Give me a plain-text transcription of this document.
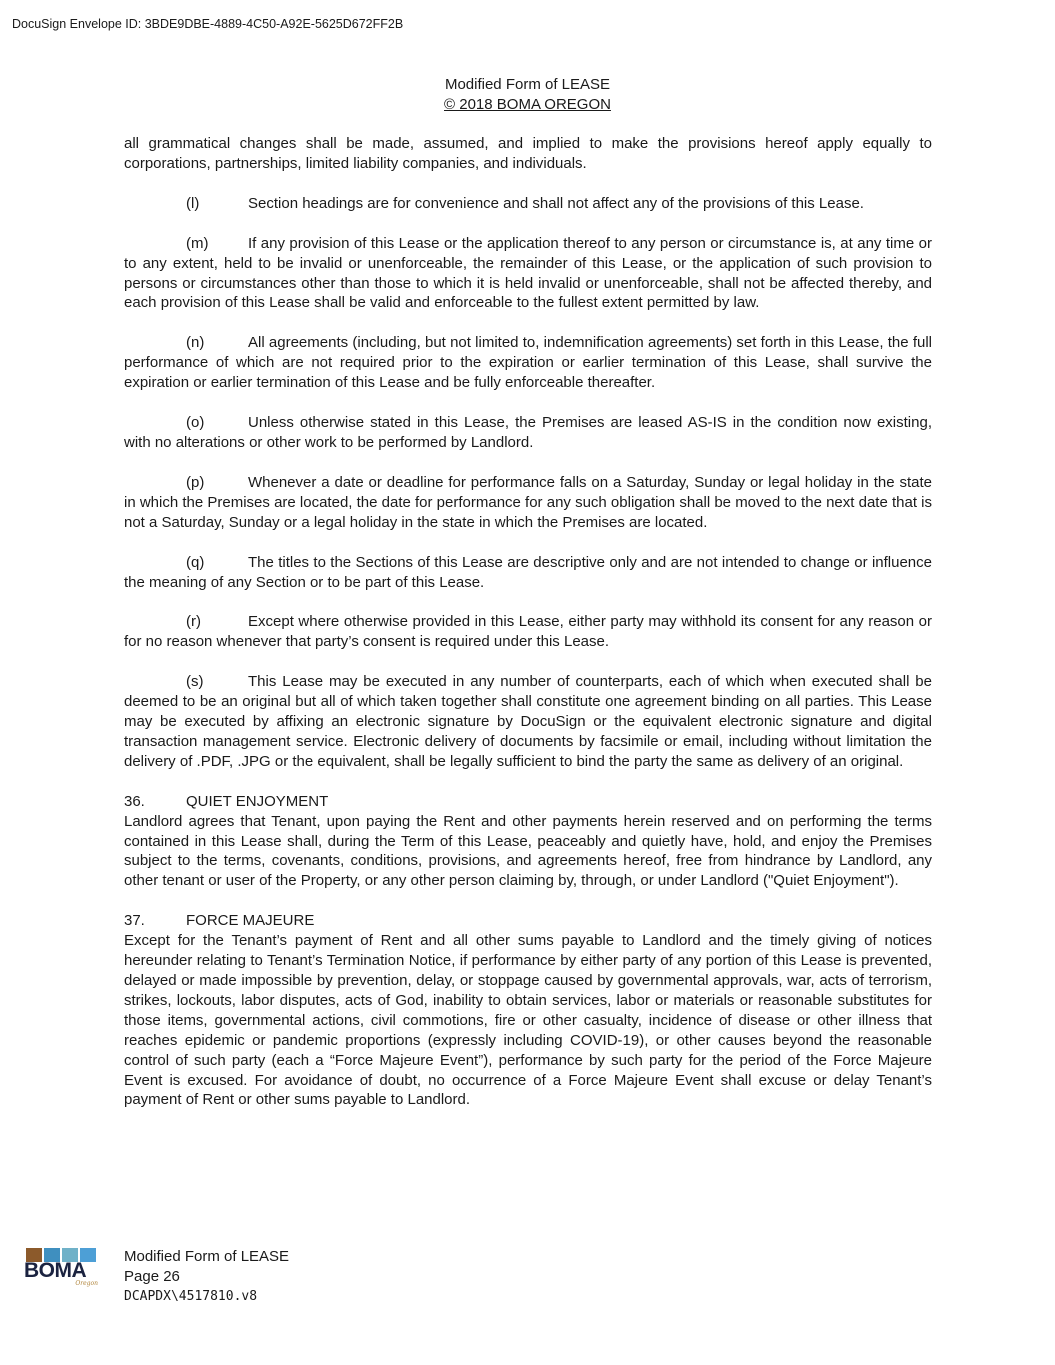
DocuSign Envelope ID: 3BDE9DBE-4889-4C50-A92E-5625D672FF2B
Modified Form of LEASE
© 2018 BOMA OREGON

all grammatical changes shall be made, assumed, and implied to make the provisions hereof apply equally to corporations, partnerships, limited liability companies, and individuals.

(l)	Section headings are for convenience and shall not affect any of the provisions of this Lease.

(m)	If any provision of this Lease or the application thereof to any person or circumstance is, at any time or to any extent, held to be invalid or unenforceable, the remainder of this Lease, or the application of such provision to persons or circumstances other than those to which it is held invalid or unenforceable, shall not be affected thereby, and each provision of this Lease shall be valid and enforceable to the fullest extent permitted by law.

(n)	All agreements (including, but not limited to, indemnification agreements) set forth in this Lease, the full performance of which are not required prior to the expiration or earlier termination of this Lease, shall survive the expiration or earlier termination of this Lease and be fully enforceable thereafter.

(o)	Unless otherwise stated in this Lease, the Premises are leased AS-IS in the condition now existing, with no alterations or other work to be performed by Landlord.

(p)	Whenever a date or deadline for performance falls on a Saturday, Sunday or legal holiday in the state in which the Premises are located, the date for performance for any such obligation shall be moved to the next date that is not a Saturday, Sunday or a legal holiday in the state in which the Premises are located.

(q)	The titles to the Sections of this Lease are descriptive only and are not intended to change or influence the meaning of any Section or to be part of this Lease.

(r)	Except where otherwise provided in this Lease, either party may withhold its consent for any reason or for no reason whenever that party’s consent is required under this Lease.

(s)	This Lease may be executed in any number of counterparts, each of which when executed shall be deemed to be an original but all of which taken together shall constitute one agreement binding on all parties. This Lease may be executed by affixing an electronic signature by DocuSign or the equivalent electronic signature and digital transaction management service. Electronic delivery of documents by facsimile or email, including without limitation the delivery of .PDF, .JPG or the equivalent, shall be legally sufficient to bind the party the same as delivery of an original.

36.	QUIET ENJOYMENT

Landlord agrees that Tenant, upon paying the Rent and other payments herein reserved and on performing the terms contained in this Lease shall, during the Term of this Lease, peaceably and quietly have, hold, and enjoy the Premises subject to the terms, covenants, conditions, provisions, and agreements hereof, free from hindrance by Landlord, any other tenant or user of the Property, or any other person claiming by, through, or under Landlord ("Quiet Enjoyment").

37.	FORCE MAJEURE

Except for the Tenant’s payment of Rent and all other sums payable to Landlord and the timely giving of notices hereunder relating to Tenant’s Termination Notice, if performance by either party of any portion of this Lease is prevented, delayed or made impossible by prevention, delay, or stoppage caused by governmental approvals, war, acts of terrorism, strikes, lockouts, labor disputes, acts of God, inability to obtain services, labor or materials or reasonable substitutes for those items, governmental actions, civil commotions, fire or other casualty, incidence of disease or other illness that reaches epidemic or pandemic proportions (expressly including COVID-19), or other causes beyond the reasonable control of such party (each a “Force Majeure Event”), performance by such party for the period of the Force Majeure Event is excused. For avoidance of doubt, no occurrence of a Force Majeure Event shall excuse or delay Tenant’s payment of Rent or other sums payable to Landlord.

BOMA
Oregon
Modified Form of LEASE
Page 26
DCAPDX\4517810.v8
